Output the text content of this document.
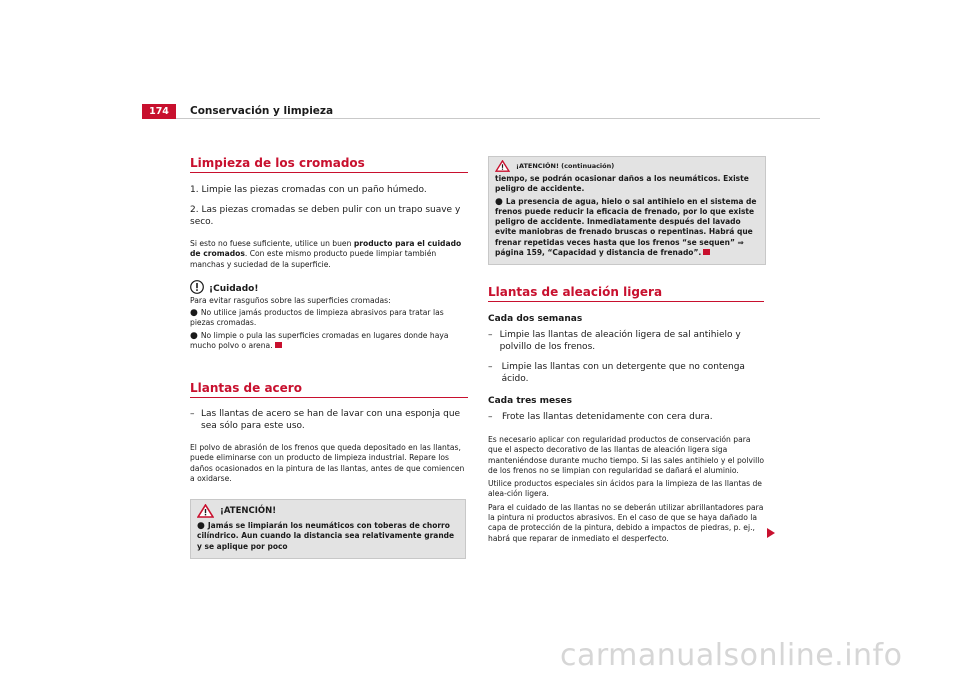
174	Conservación y limpieza
Limpieza de los cromados

1. Limpie las piezas cromadas con un paño húmedo.

2. Las piezas cromadas se deben pulir con un trapo suave y seco.

Si esto no fuese suficiente, utilice un buen producto para el cuidado de cromados. Con este mismo producto puede limpiar también manchas y suciedad de la superficie.

¡Cuidado!

Para evitar rasguños sobre las superficies cromadas:

● No utilice jamás productos de limpieza abrasivos para tratar las piezas cromadas.

● No limpie o pula las superficies cromadas en lugares donde haya mucho polvo o arena.

Llantas de acero
– Las llantas de acero se han de lavar con una esponja que sea sólo para este uso.

El polvo de abrasión de los frenos que queda depositado en las llantas, puede eliminarse con un producto de limpieza industrial. Repare los daños ocasionados en la pintura de las llantas, antes de que comiencen a oxidarse.

¡ATENCIÓN!

● Jamás se limpiarán los neumáticos con toberas de chorro cilíndrico. Aun cuando la distancia sea relativamente grande y se aplique por poco

¡ATENCIÓN! (continuación)

tiempo, se podrán ocasionar daños a los neumáticos. Existe peligro de accidente.

● La presencia de agua, hielo o sal antihielo en el sistema de frenos puede reducir la eficacia de frenado, por lo que existe peligro de accidente. Inmediatamente después del lavado evite maniobras de frenado bruscas o repentinas. Habrá que frenar repetidas veces hasta que los frenos “se sequen” ⇒ página 159, “Capacidad y distancia de frenado”.

Llantas de aleación ligera

Cada dos semanas

– Limpie las llantas de aleación ligera de sal antihielo y polvillo de los frenos.
–	Limpie las llantas con un detergente que no contenga ácido.

Cada tres meses

–	Frote las llantas detenidamente con cera dura.

Es necesario aplicar con regularidad productos de conservación para que el aspecto decorativo de las llantas de aleación ligera siga manteniéndose durante mucho tiempo. Si las sales antihielo y el polvillo de los frenos no se limpian con regularidad se dañará el aluminio.

Utilice productos especiales sin ácidos para la limpieza de las llantas de alea-ción ligera.

Para el cuidado de las llantas no se deberán utilizar abrillantadores para la pintura ni productos abrasivos. En el caso de que se haya dañado la capa de protección de la pintura, debido a impactos de piedras, p. ej., habrá que reparar de inmediato el desperfecto.

carmanualsonline.info
